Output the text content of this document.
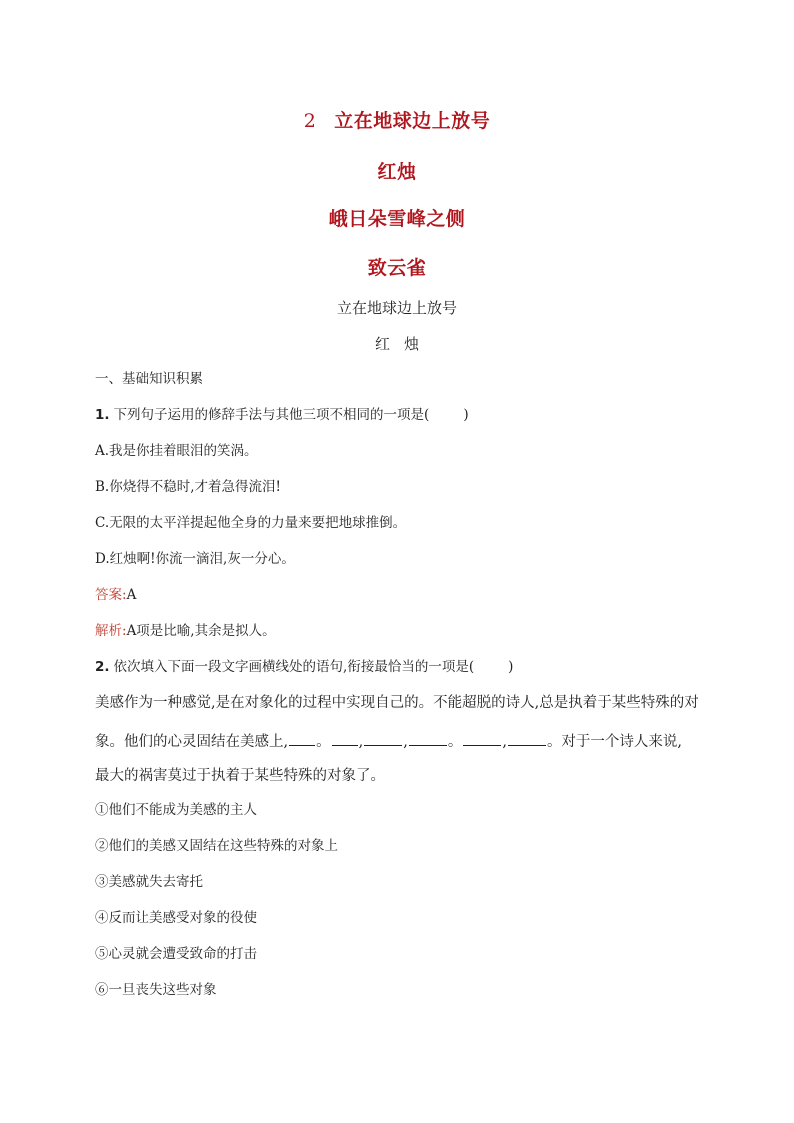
2 立在地球边上放号
红烛
峨日朵雪峰之侧
致云雀
立在地球边上放号
红烛
一、基础知识积累
1. 下列句子运用的修辞手法与其他三项不相同的一项是(	)
A.我是你挂着眼泪的笑涡。
B.你烧得不稳时,才着急得流泪!
C.无限的太平洋提起他全身的力量来要把地球推倒。
D.红烛啊!你流一滴泪,灰一分心。
答案:A
解析:A项是比喻,其余是拟人。
2. 依次填入下面一段文字画横线处的语句,衔接最恰当的一项是(	)
美感作为一种感觉,是在对象化的过程中实现自己的。不能超脱的诗人,总是执着于某些特殊的对
象。他们的心灵固结在美感上, 。 ,	,	。	,	。对于一个诗人来说,
最大的祸害莫过于执着于某些特殊的对象了。
①他们不能成为美感的主人
②他们的美感又固结在这些特殊的对象上
③美感就失去寄托
④反而让美感受对象的役使
⑤心灵就会遭受致命的打击
⑥一旦丧失这些对象
